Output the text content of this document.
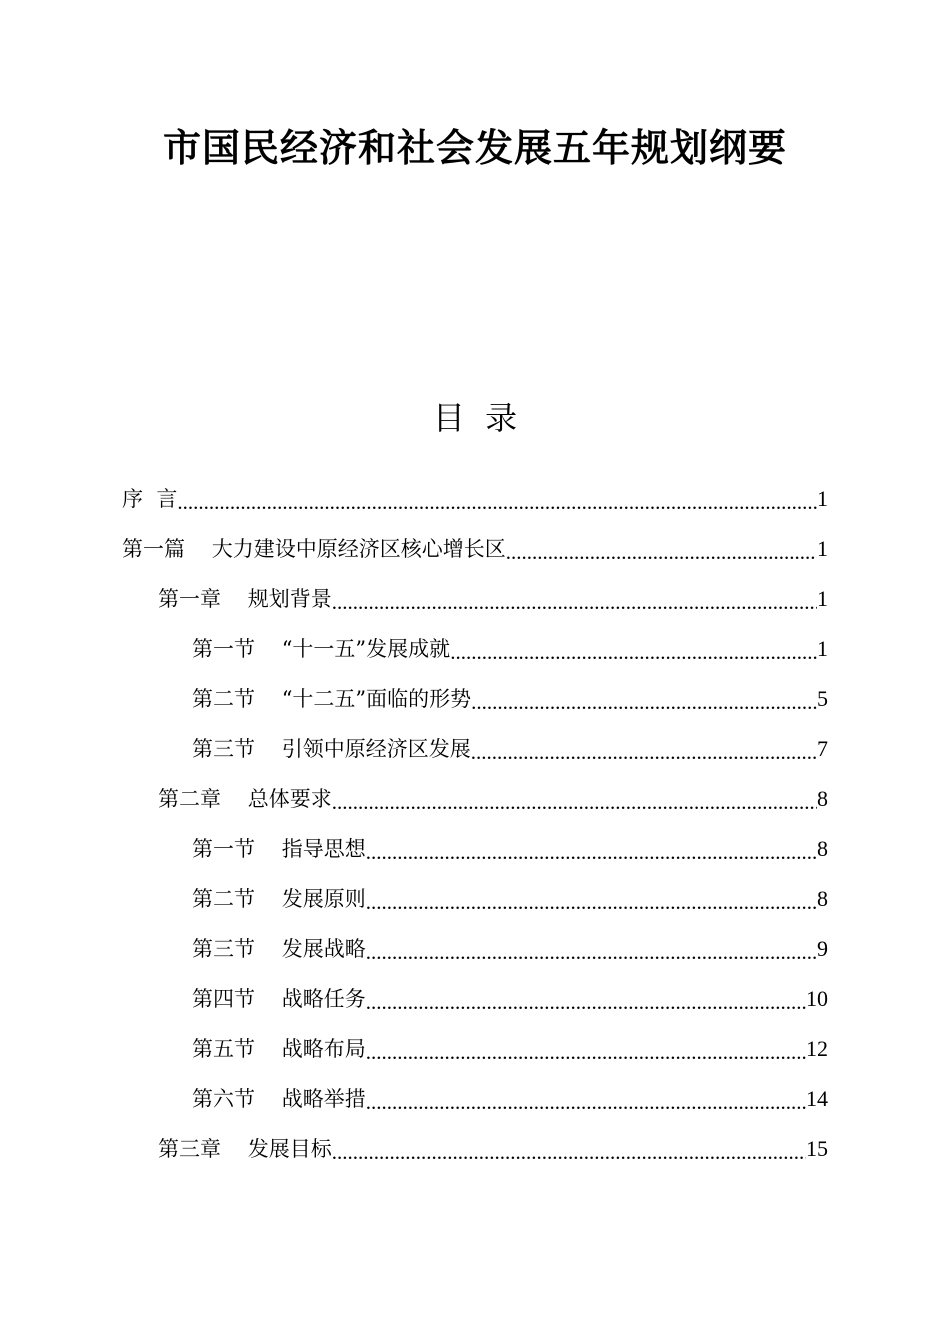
市国民经济和社会发展五年规划纲要
目  录
序  言 .....	1
第一篇    大力建设中原经济区核心增长区 .....	1
第一章    规划背景 .....	1
第一节    “十一五”发展成就 .....	1
第二节    “十二五”面临的形势 .....	5
第三节    引领中原经济区发展 .....	7
第二章    总体要求 .....	8
第一节    指导思想 .....	8
第二节    发展原则 .....	8
第三节    发展战略 .....	9
第四节    战略任务 .....	10
第五节    战略布局 .....	12
第六节    战略举措 .....	14
第三章    发展目标 .....	15
